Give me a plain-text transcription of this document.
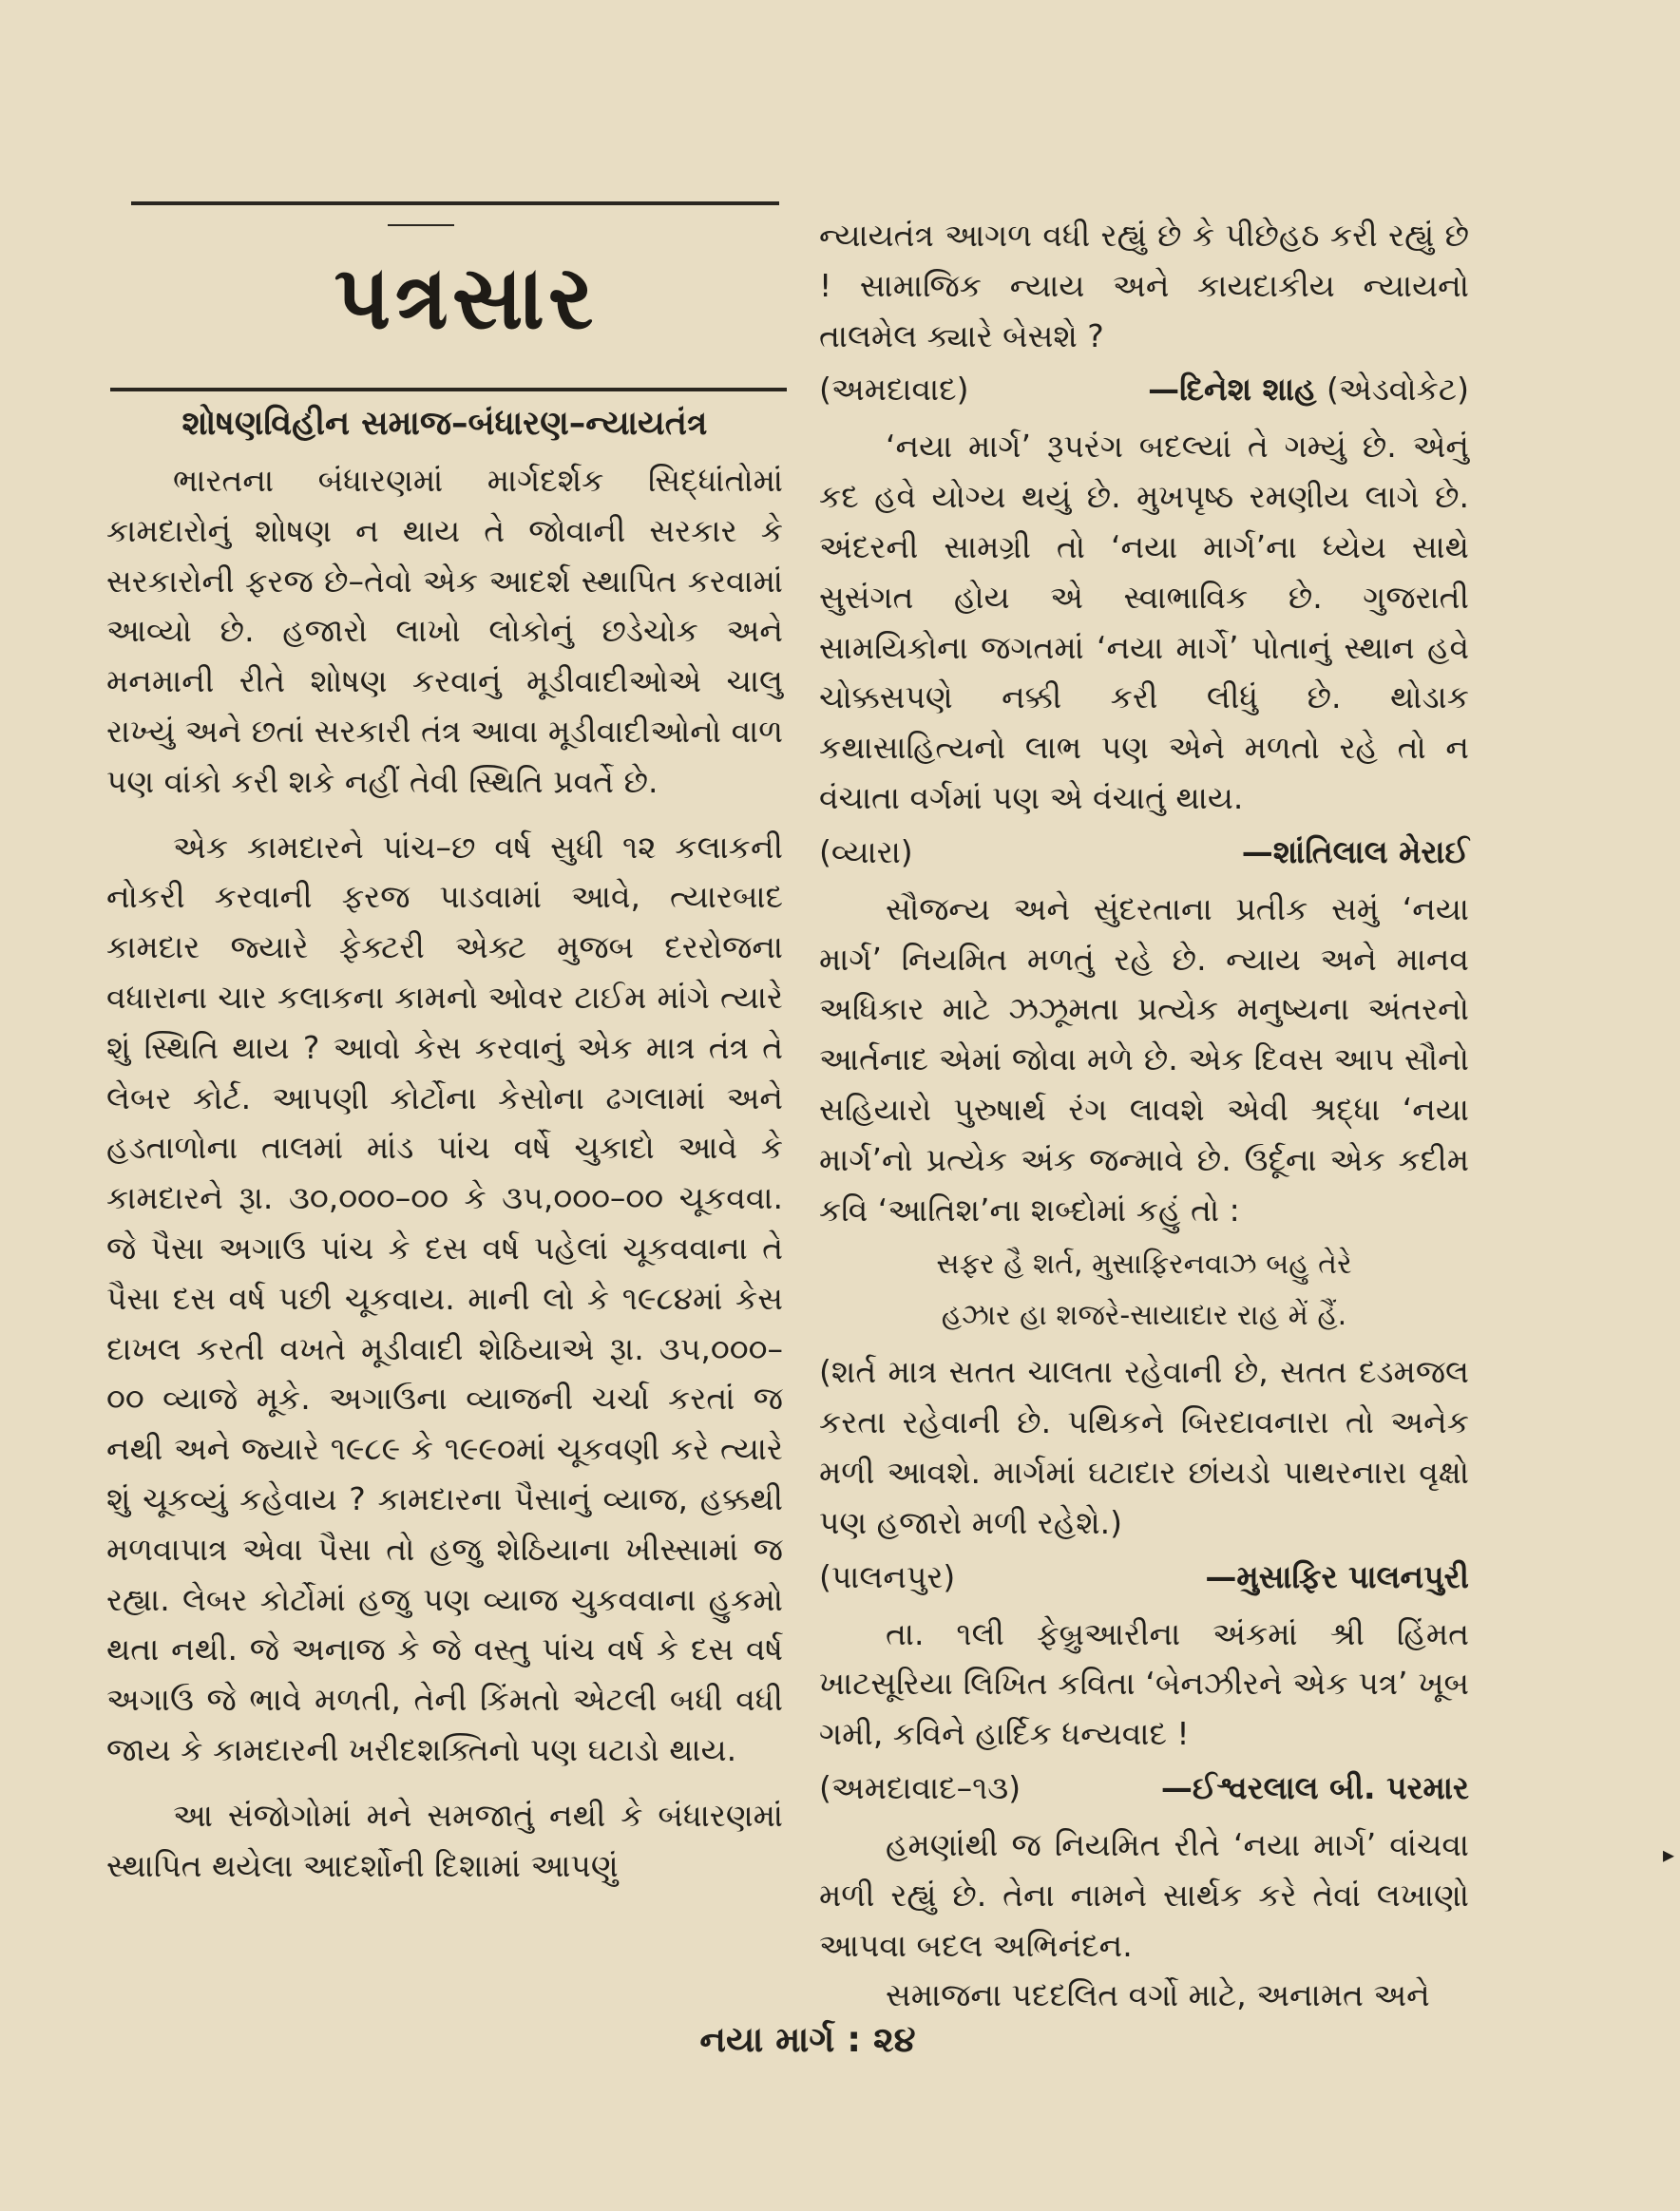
પત્રસાર
શોષણવિહીન સમાજ–બંધારણ–ન્યાયતંત્ર

ભારતના બંધારણમાં માર્ગદર્શક સિદ્ધાંતોમાં કામદારોનું શોષણ ન થાય તે જોવાની સરકાર કે સરકારોની ફરજ છે–તેવો એક આદર્શ સ્થાપિત કરવામાં આવ્યો છે. હજારો લાખો લોકોનું છડેચોક અને મનમાની રીતે શોષણ કરવાનું મૂડીવાદીઓએ ચાલુ રાખ્યું અને છતાં સરકારી તંત્ર આવા મૂડીવાદીઓનો વાળ પણ વાંકો કરી શકે નહીં તેવી સ્થિતિ પ્રવર્તે છે.

એક કામદારને પાંચ–છ વર્ષ સુધી ૧૨ કલાકની નોકરી કરવાની ફરજ પાડવામાં આવે, ત્યારબાદ કામદાર જ્યારે ફેક્ટરી એક્ટ મુજબ દરરોજના વધારાના ચાર કલાકના કામનો ઓવર ટાઈમ માંગે ત્યારે શું સ્થિતિ થાય ? આવો કેસ કરવાનું એક માત્ર તંત્ર તે લેબર કોર્ટ. આપણી કોર્ટોના કેસોના ઢગલામાં અને હડતાળોના તાલમાં માંડ પાંચ વર્ષે ચુકાદો આવે કે કામદારને રૂા. ૩૦,૦૦૦–૦૦ કે ૩૫,૦૦૦–૦૦ ચૂકવવા. જે પૈસા અગાઉ પાંચ કે દસ વર્ષ પહેલાં ચૂકવવાના તે પૈસા દસ વર્ષ પછી ચૂકવાય. માની લો કે ૧૯૮૪માં કેસ દાખલ કરતી વખતે મૂડીવાદી શેઠિયાએ રૂા. ૩૫,૦૦૦–૦૦ વ્યાજે મૂકે. અગાઉના વ્યાજની ચર્ચા કરતાં જ નથી અને જ્યારે ૧૯૮૯ કે ૧૯૯૦માં ચૂકવણી કરે ત્યારે શું ચૂકવ્યું કહેવાય ? કામદારના પૈસાનું વ્યાજ, હક્કથી મળવાપાત્ર એવા પૈસા તો હજુ શેઠિયાના ખીસ્સામાં જ રહ્યા. લેબર કોર્ટોમાં હજુ પણ વ્યાજ ચુકવવાના હુકમો થતા નથી. જે અનાજ કે જે વસ્તુ પાંચ વર્ષ કે દસ વર્ષ અગાઉ જે ભાવે મળતી, તેની કિંમતો એટલી બધી વધી જાય કે કામદારની ખરીદશક્તિનો પણ ઘટાડો થાય.

આ સંજોગોમાં મને સમજાતું નથી કે બંધારણમાં સ્થાપિત થયેલા આદર્શોની દિશામાં આપણું

ન્યાયતંત્ર આગળ વધી રહ્યું છે કે પીછેહઠ કરી રહ્યું છે ! સામાજિક ન્યાય અને કાયદાકીય ન્યાયનો તાલમેલ ક્યારે બેસશે ?

(અમદાવાદ)	—દિનેશ શાહ (એડવોકેટ)

‘નયા માર્ગ’ રૂપરંગ બદલ્યાં તે ગમ્યું છે. એનું કદ હવે યોગ્ય થયું છે. મુખપૃષ્ઠ રમણીય લાગે છે. અંદરની સામગ્રી તો ‘નયા માર્ગ’ના ધ્યેય સાથે સુસંગત હોય એ સ્વાભાવિક છે. ગુજરાતી સામયિકોના જગતમાં ‘નયા માર્ગે’ પોતાનું સ્થાન હવે ચોક્કસપણે નક્કી કરી લીધું છે. થોડાક કથાસાહિત્યનો લાભ પણ એને મળતો રહે તો ન વંચાતા વર્ગમાં પણ એ વંચાતું થાય.

(વ્યારા)	—શાંતિલાલ મેરાઈ

સૌજન્ય અને સુંદરતાના પ્રતીક સમું ‘નયા માર્ગ’ નિયમિત મળતું રહે છે. ન્યાય અને માનવ અધિકાર માટે ઝઝૂમતા પ્રત્યેક મનુષ્યના અંતરનો આર્તનાદ એમાં જોવા મળે છે. એક દિવસ આપ સૌનો સહિયારો પુરુષાર્થ રંગ લાવશે એવી શ્રદ્ધા ‘નયા માર્ગ’નો પ્રત્યેક અંક જન્માવે છે. ઉર્દૂના એક કદીમ કવિ ‘આતિશ’ના શબ્દોમાં કહું તો :

સફર હૈ શર્ત, મુસાફિરનવાઝ બહુ તેરે
હઝાર હા શજરે-સાયાદાર રાહ મેં હૈં.

(શર્ત માત્ર સતત ચાલતા રહેવાની છે, સતત દડમજલ કરતા રહેવાની છે. પથિકને બિરદાવનારા તો અનેક મળી આવશે. માર્ગમાં ઘટાદાર છાંયડો પાથરનારા વૃક્ષો પણ હજારો મળી રહેશે.)

(પાલનપુર)	—મુસાફિર પાલનપુરી

તા. ૧લી ફેબ્રુઆરીના અંકમાં શ્રી હિંમત ખાટસૂરિયા લિખિત કવિતા ‘બેનઝીરને એક પત્ર’ ખૂબ ગમી, કવિને હાર્દિક ધન્યવાદ !

(અમદાવાદ–૧૩)	—ઈશ્વરલાલ બી. પરમાર

હમણાંથી જ નિયમિત રીતે ‘નયા માર્ગ’ વાંચવા મળી રહ્યું છે. તેના નામને સાર્થક કરે તેવાં લખાણો આપવા બદલ અભિનંદન.

સમાજના પદદલિત વર્ગો માટે, અનામત અને

નયા માર્ગ : ૨૪
▸
